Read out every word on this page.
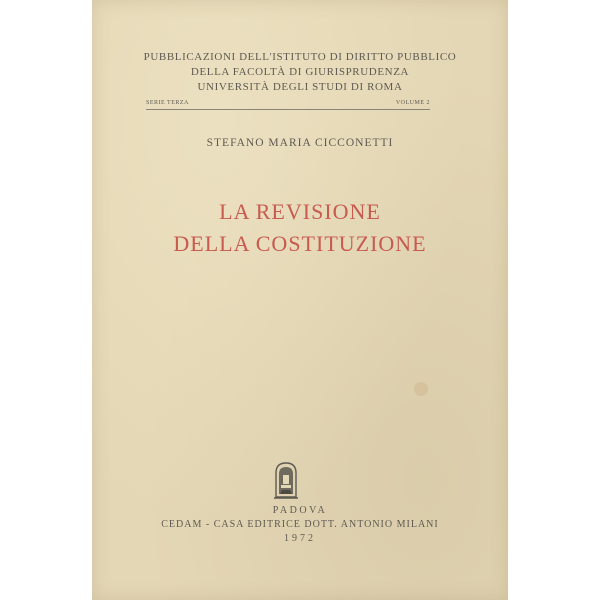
PUBBLICAZIONI DELL'ISTITUTO DI DIRITTO PUBBLICO
DELLA FACOLTÀ DI GIURISPRUDENZA
UNIVERSITÀ DEGLI STUDI DI ROMA
SERIE TERZA	VOLUME 2
STEFANO MARIA CICCONETTI
LA REVISIONE
DELLA COSTITUZIONE
PADOVA
CEDAM - CASA EDITRICE DOTT. ANTONIO MILANI
1972
